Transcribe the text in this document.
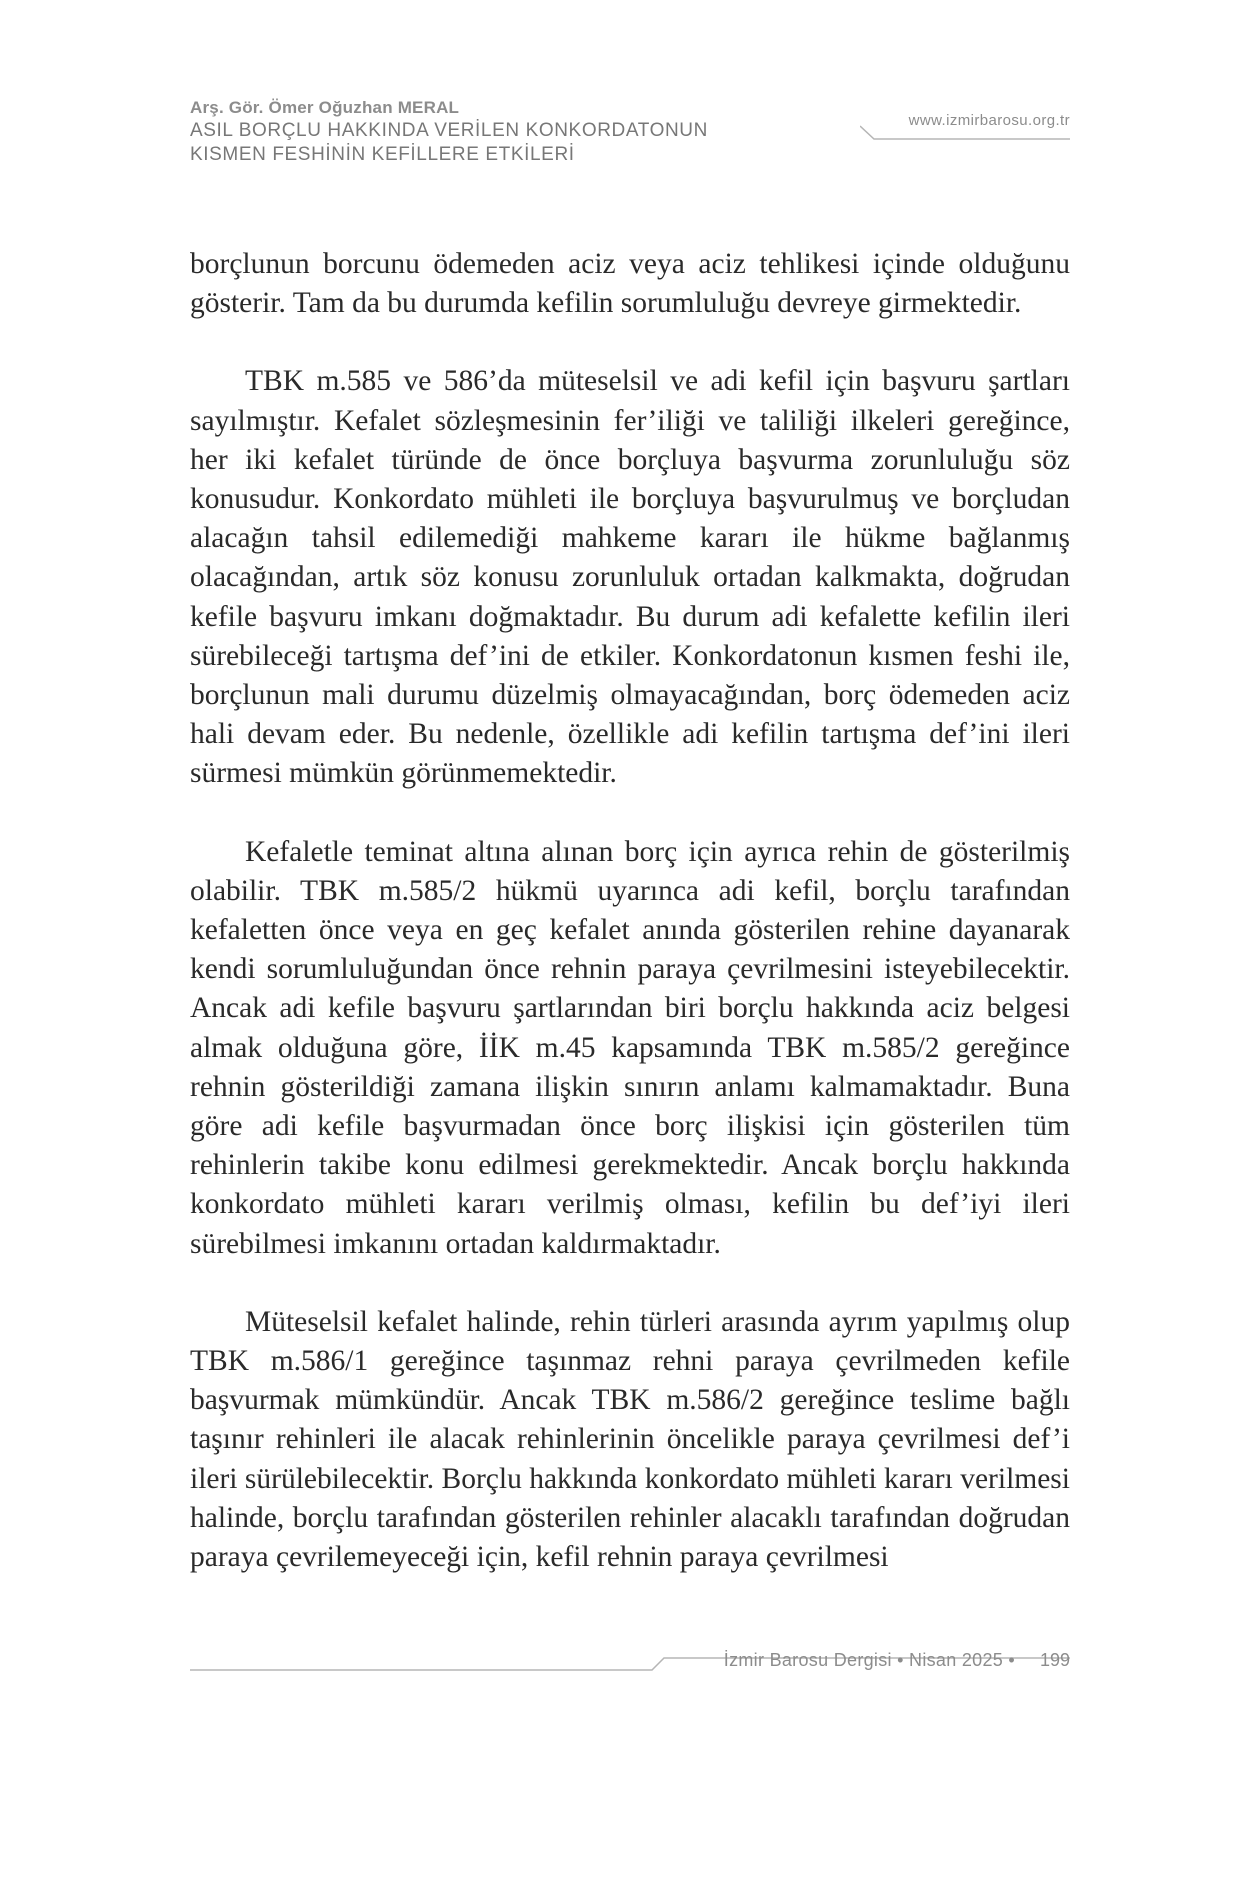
Arş. Gör. Ömer Oğuzhan MERAL
ASIL BORÇLU HAKKINDA VERİLEN KONKORDATONUN
KISMEN FESHİNİN KEFİLLERE ETKİLERİ
www.izmirbarosu.org.tr

borçlunun borcunu ödemeden aciz veya aciz tehlikesi içinde olduğunu gösterir. Tam da bu durumda kefilin sorumluluğu devreye girmektedir.

TBK m.585 ve 586’da müteselsil ve adi kefil için başvuru şartları sayılmıştır. Kefalet sözleşmesinin fer’iliği ve taliliği ilkeleri gereğince, her iki kefalet türünde de önce borçluya başvurma zorunluluğu söz konusudur. Konkordato mühleti ile borçluya başvurulmuş ve borçludan alacağın tahsil edilemediği mahkeme kararı ile hükme bağlanmış olacağından, artık söz konusu zorunluluk ortadan kalkmakta, doğrudan kefile başvuru imkanı doğmaktadır. Bu durum adi kefalette kefilin ileri sürebileceği tartışma def’ini de etkiler. Konkordatonun kısmen feshi ile, borçlunun mali durumu düzelmiş olmayacağından, borç ödemeden aciz hali devam eder. Bu nedenle, özellikle adi kefilin tartışma def’ini ileri sürmesi mümkün görünmemektedir.

Kefaletle teminat altına alınan borç için ayrıca rehin de gösterilmiş olabilir. TBK m.585/2 hükmü uyarınca adi kefil, borçlu tarafından kefaletten önce veya en geç kefalet anında gösterilen rehine dayanarak kendi sorumluluğundan önce rehnin paraya çevrilmesini isteyebilecektir. Ancak adi kefile başvuru şartlarından biri borçlu hakkında aciz belgesi almak olduğuna göre, İİK m.45 kapsamında TBK m.585/2 gereğince rehnin gösterildiği zamana ilişkin sınırın anlamı kalmamaktadır. Buna göre adi kefile başvurmadan önce borç ilişkisi için gösterilen tüm rehinlerin takibe konu edilmesi gerekmektedir. Ancak borçlu hakkında konkordato mühleti kararı verilmiş olması, kefilin bu def’iyi ileri sürebilmesi imkanını ortadan kaldırmaktadır.

Müteselsil kefalet halinde, rehin türleri arasında ayrım yapılmış olup TBK m.586/1 gereğince taşınmaz rehni paraya çevrilmeden kefile başvurmak mümkündür. Ancak TBK m.586/2 gereğince teslime bağlı taşınır rehinleri ile alacak rehinlerinin öncelikle paraya çevrilmesi def’i ileri sürülebilecektir. Borçlu hakkında konkordato mühleti kararı verilmesi halinde, borçlu tarafından gösterilen rehinler alacaklı tarafından doğrudan paraya çevrilemeyeceği için, kefil rehnin paraya çevrilmesi

İzmir Barosu Dergisi • Nisan 2025 • 199
